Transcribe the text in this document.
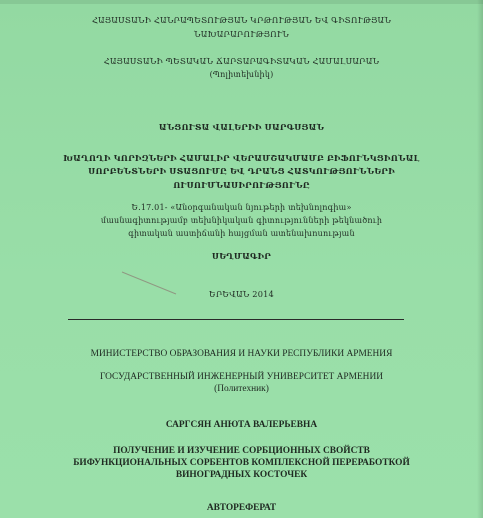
ՀԱՅԱՍՏԱՆԻ ՀԱՆՐԱՊԵՏՈՒԹՅԱՆ ԿՐԹՈՒԹՅԱՆ ԵՎ ԳԻՏՈՒԹՅԱՆ
ՆԱԽԱՐԱՐՈՒԹՅՈՒՆ
ՀԱՅԱՍՏԱՆԻ ՊԵՏԱԿԱՆ ՃԱՐՏԱՐԱԳԻՏԱԿԱՆ ՀԱՄԱԼՍԱՐԱՆ
(Պոլիտեխնիկ)
ԱՆՑՈՒՏԱ ՎԱԼԵՐԻԻ ՍԱՐԳՍՅԱՆ
ԽԱՂՈՂԻ ԿՈՐԻԶՆԵՐԻ ՀԱՄԱԼԻՐ ՎԵՐԱՄՇԱԿՄԱՄԲ ԲԻՖՈՒՆԿՑԻՈՆԱԼ
ՍՈՐԲԵՆՏՆԵՐԻ ՍՏԱՑՈՒՄԸ ԵՎ ԴՐԱՆՑ ՀԱՏԿՈՒԹՅՈՒՆՆԵՐԻ
ՈՒՍՈՒՄՆԱՍԻՐՈՒԹՅՈՒՆԸ
Ե.17.01- «Անօրգանական նյութերի տեխնոլոգիա»
մասնագիտությամբ տեխնիկական գիտությունների թեկնածուի
գիտական աստիճանի հայցման ատենախոսության
ՍԵՂՄԱԳԻՐ
ԵՐԵՎԱՆ 2014
МИНИСТЕРСТВО ОБРАЗОВАНИЯ И НАУКИ РЕСПУБЛИКИ АРМЕНИЯ
ГОСУДАРСТВЕННЫЙ ИНЖЕНЕРНЫЙ УНИВЕРСИТЕТ АРМЕНИИ
(Политехник)
САРГСЯН АНЮТА ВАЛЕРЬЕВНА
ПОЛУЧЕНИЕ И ИЗУЧЕНИЕ СОРБЦИОННЫХ СВОЙСТВ
БИФУНКЦИОНАЛЬНЫХ СОРБЕНТОВ КОМПЛЕКСНОЙ ПЕРЕРАБОТКОЙ
ВИНОГРАДНЫХ КОСТОЧЕК
АВТОРЕФЕРАТ
